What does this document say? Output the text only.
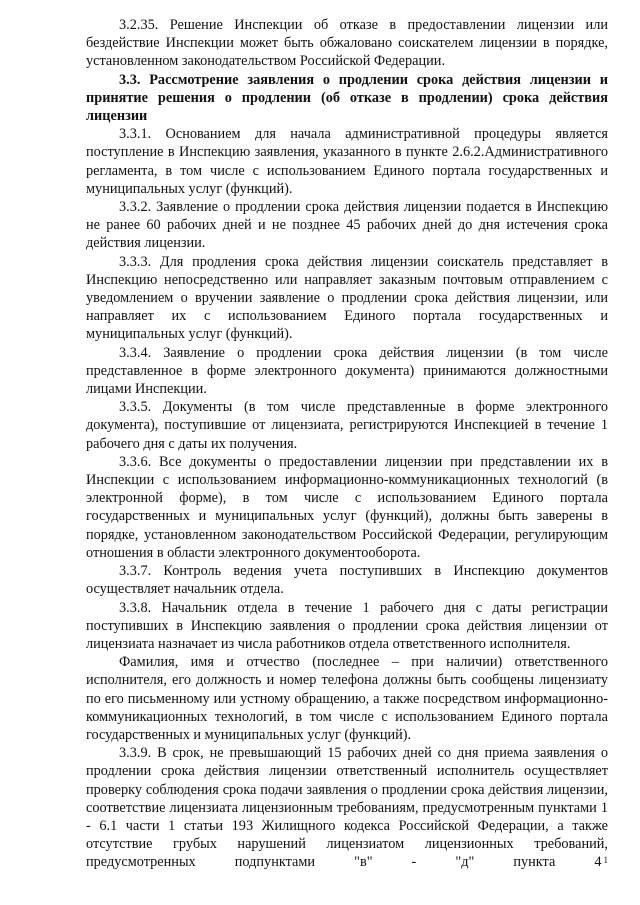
3.2.35. Решение Инспекции об отказе в предоставлении лицензии или бездействие Инспекции может быть обжаловано соискателем лицензии в порядке, установленном законодательством Российской Федерации.

3.3. Рассмотрение заявления о продлении срока действия лицензии и принятие решения о продлении (об отказе в продлении) срока действия лицензии

3.3.1. Основанием для начала административной процедуры является поступление в Инспекцию заявления, указанного в пункте 2.6.2.Административного регламента, в том числе с использованием Единого портала государственных и муниципальных услуг (функций).

3.3.2. Заявление о продлении срока действия лицензии подается в Инспекцию не ранее 60 рабочих дней и не позднее 45 рабочих дней до дня истечения срока действия лицензии.

3.3.3. Для продления срока действия лицензии соискатель представляет в Инспекцию непосредственно или направляет заказным почтовым отправлением с уведомлением о вручении заявление о продлении срока действия лицензии, или направляет их с использованием Единого портала государственных и муниципальных услуг (функций).

3.3.4. Заявление о продлении срока действия лицензии (в том числе представленное в форме электронного документа) принимаются должностными лицами Инспекции.

3.3.5. Документы (в том числе представленные в форме электронного документа), поступившие от лицензиата, регистрируются Инспекцией в течение 1 рабочего дня с даты их получения.

3.3.6. Все документы о предоставлении лицензии при представлении их в Инспекции с использованием информационно-коммуникационных технологий (в электронной форме), в том числе с использованием Единого портала государственных и муниципальных услуг (функций), должны быть заверены в порядке, установленном законодательством Российской Федерации, регулирующим отношения в области электронного документооборота.

3.3.7. Контроль ведения учета поступивших в Инспекцию документов осуществляет начальник отдела.

3.3.8. Начальник отдела в течение 1 рабочего дня с даты регистрации поступивших в Инспекцию заявления о продлении срока действия лицензии от лицензиата назначает из числа работников отдела ответственного исполнителя.

Фамилия, имя и отчество (последнее – при наличии) ответственного исполнителя, его должность и номер телефона должны быть сообщены лицензиату по его письменному или устному обращению, а также посредством информационно-коммуникационных технологий, в том числе с использованием Единого портала государственных и муниципальных услуг (функций).

3.3.9. В срок, не превышающий 15 рабочих дней со дня приема заявления о продлении срока действия лицензии ответственный исполнитель осуществляет проверку соблюдения срока подачи заявления о продлении срока действия лицензии, соответствие лицензиата лицензионным требованиям, предусмотренным пунктами 1 - 6.1 части 1 статьи 193 Жилищного кодекса Российской Федерации, а также отсутствие грубых нарушений лицензиатом лицензионных требований, предусмотренных подпунктами "в" - "д" пункта 4 $^1$
